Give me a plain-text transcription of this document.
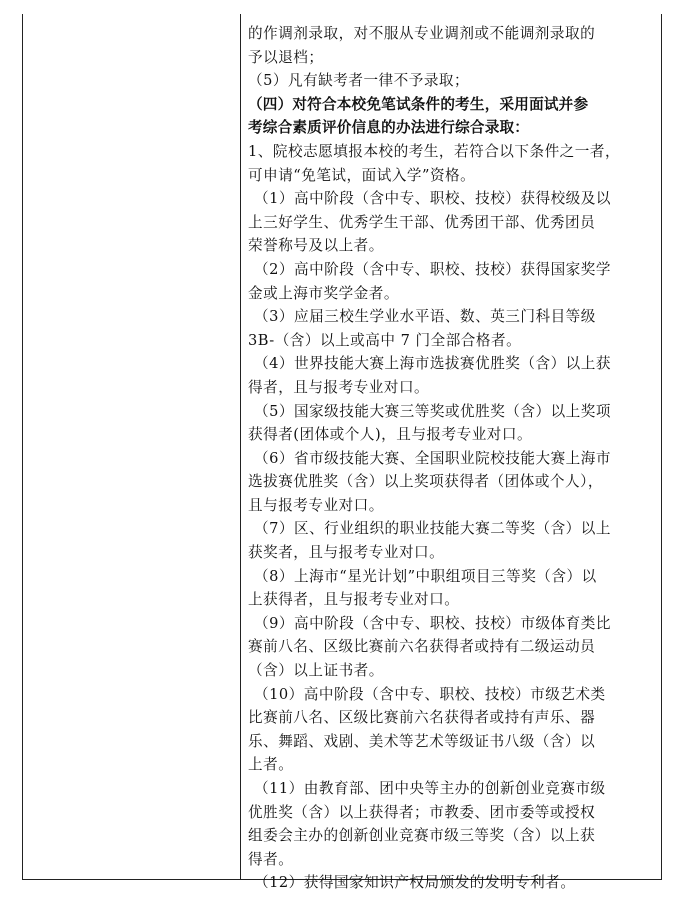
的作调剂录取，对不服从专业调剂或不能调剂录取的
予以退档；
（5）凡有缺考者一律不予录取；
（四）对符合本校免笔试条件的考生，采用面试并参
考综合素质评价信息的办法进行综合录取：
1、院校志愿填报本校的考生，若符合以下条件之一者，
可申请“免笔试，面试入学”资格。
（1）高中阶段（含中专、职校、技校）获得校级及以
上三好学生、优秀学生干部、优秀团干部、优秀团员
荣誉称号及以上者。
（2）高中阶段（含中专、职校、技校）获得国家奖学
金或上海市奖学金者。
（3）应届三校生学业水平语、数、英三门科目等级
3B-（含）以上或高中 7 门全部合格者。
（4）世界技能大赛上海市选拔赛优胜奖（含）以上获
得者，且与报考专业对口。
（5）国家级技能大赛三等奖或优胜奖（含）以上奖项
获得者(团体或个人)，且与报考专业对口。
（6）省市级技能大赛、全国职业院校技能大赛上海市
选拔赛优胜奖（含）以上奖项获得者（团体或个人），
且与报考专业对口。
（7）区、行业组织的职业技能大赛二等奖（含）以上
获奖者，且与报考专业对口。
（8）上海市“星光计划”中职组项目三等奖（含）以
上获得者，且与报考专业对口。
（9）高中阶段（含中专、职校、技校）市级体育类比
赛前八名、区级比赛前六名获得者或持有二级运动员
（含）以上证书者。
（10）高中阶段（含中专、职校、技校）市级艺术类
比赛前八名、区级比赛前六名获得者或持有声乐、器
乐、舞蹈、戏剧、美术等艺术等级证书八级（含）以
上者。
（11）由教育部、团中央等主办的创新创业竞赛市级
优胜奖（含）以上获得者；市教委、团市委等或授权
组委会主办的创新创业竞赛市级三等奖（含）以上获
得者。
（12）获得国家知识产权局颁发的发明专利者。
